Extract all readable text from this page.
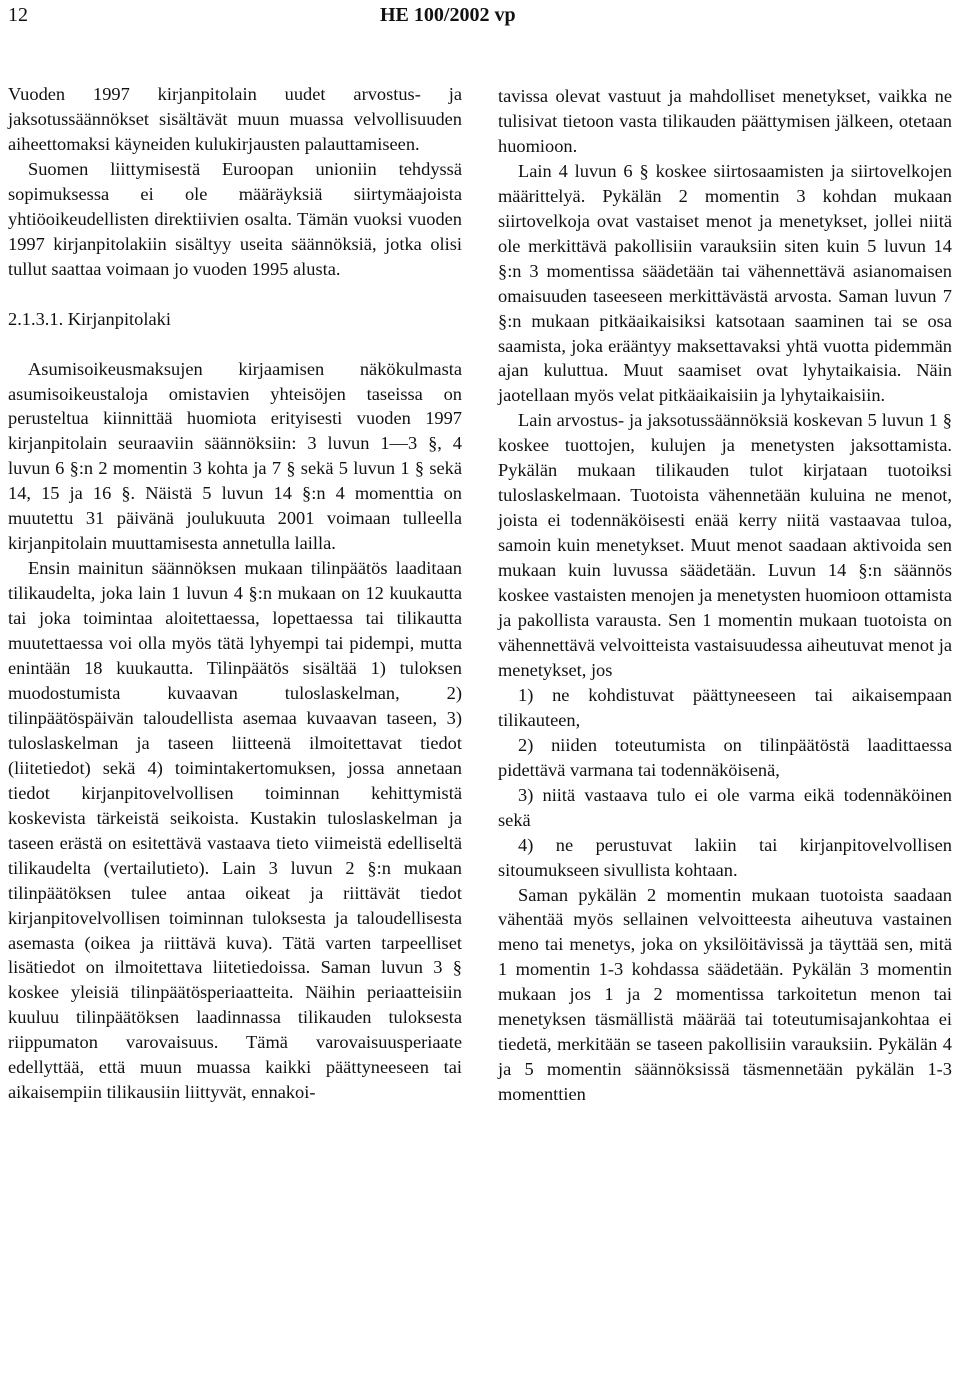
12	HE 100/2002 vp

Vuoden 1997 kirjanpitolain uudet arvostus- ja jaksotussäännökset sisältävät muun muassa velvollisuuden aiheettomaksi käyneiden kulukirjausten palauttamiseen.

Suomen liittymisestä Euroopan unioniin tehdyssä sopimuksessa ei ole määräyksiä siirtymäajoista yhtiöoikeudellisten direktiivien osalta. Tämän vuoksi vuoden 1997 kirjanpitolakiin sisältyy useita säännöksiä, jotka olisi tullut saattaa voimaan jo vuoden 1995 alusta.

2.1.3.1. Kirjanpitolaki

Asumisoikeusmaksujen kirjaamisen näkökulmasta asumisoikeustaloja omistavien yhteisöjen taseissa on perusteltua kiinnittää huomiota erityisesti vuoden 1997 kirjanpitolain seuraaviin säännöksiin: 3 luvun 1—3 §, 4 luvun 6 §:n 2 momentin 3 kohta ja 7 § sekä 5 luvun 1 § sekä 14, 15 ja 16 §. Näistä 5 luvun 14 §:n 4 momenttia on muutettu 31 päivänä joulukuuta 2001 voimaan tulleella kirjanpitolain muuttamisesta annetulla lailla.

Ensin mainitun säännöksen mukaan tilinpäätös laaditaan tilikaudelta, joka lain 1 luvun 4 §:n mukaan on 12 kuukautta tai joka toimintaa aloitettaessa, lopettaessa tai tilikautta muutettaessa voi olla myös tätä lyhyempi tai pidempi, mutta enintään 18 kuukautta. Tilinpäätös sisältää 1) tuloksen muodostumista kuvaavan tuloslaskelman, 2) tilinpäätöspäivän taloudellista asemaa kuvaavan taseen, 3) tuloslaskelman ja taseen liitteenä ilmoitettavat tiedot (liitetiedot) sekä 4) toimintakertomuksen, jossa annetaan tiedot kirjanpitovelvollisen toiminnan kehittymistä koskevista tärkeistä seikoista. Kustakin tuloslaskelman ja taseen erästä on esitettävä vastaava tieto viimeistä edelliseltä tilikaudelta (vertailutieto). Lain 3 luvun 2 §:n mukaan tilinpäätöksen tulee antaa oikeat ja riittävät tiedot kirjanpitovelvollisen toiminnan tuloksesta ja taloudellisesta asemasta (oikea ja riittävä kuva). Tätä varten tarpeelliset lisätiedot on ilmoitettava liitetiedoissa. Saman luvun 3 § koskee yleisiä tilinpäätösperiaatteita. Näihin periaatteisiin kuuluu tilinpäätöksen laadinnassa tilikauden tuloksesta riippumaton varovaisuus. Tämä varovaisuusperiaate edellyttää, että muun muassa kaikki päättyneeseen tai aikaisempiin tilikausiin liittyvät, ennakoi-

tavissa olevat vastuut ja mahdolliset menetykset, vaikka ne tulisivat tietoon vasta tilikauden päättymisen jälkeen, otetaan huomioon.

Lain 4 luvun 6 § koskee siirtosaamisten ja siirtovelkojen määrittelyä. Pykälän 2 momentin 3 kohdan mukaan siirtovelkoja ovat vastaiset menot ja menetykset, jollei niitä ole merkittävä pakollisiin varauksiin siten kuin 5 luvun 14 §:n 3 momentissa säädetään tai vähennettävä asianomaisen omaisuuden taseeseen merkittävästä arvosta. Saman luvun 7 §:n mukaan pitkäaikaisiksi katsotaan saaminen tai se osa saamista, joka erääntyy maksettavaksi yhtä vuotta pidemmän ajan kuluttua. Muut saamiset ovat lyhytaikaisia. Näin jaotellaan myös velat pitkäaikaisiin ja lyhytaikaisiin.

Lain arvostus- ja jaksotussäännöksiä koskevan 5 luvun 1 § koskee tuottojen, kulujen ja menetysten jaksottamista. Pykälän mukaan tilikauden tulot kirjataan tuotoiksi tuloslaskelmaan. Tuotoista vähennetään kuluina ne menot, joista ei todennäköisesti enää kerry niitä vastaavaa tuloa, samoin kuin menetykset. Muut menot saadaan aktivoida sen mukaan kuin luvussa säädetään. Luvun 14 §:n säännös koskee vastaisten menojen ja menetysten huomioon ottamista ja pakollista varausta. Sen 1 momentin mukaan tuotoista on vähennettävä velvoitteista vastaisuudessa aiheutuvat menot ja menetykset, jos

1) ne kohdistuvat päättyneeseen tai aikaisempaan tilikauteen,

2) niiden toteutumista on tilinpäätöstä laadittaessa pidettävä varmana tai todennäköisenä,

3) niitä vastaava tulo ei ole varma eikä todennäköinen sekä

4) ne perustuvat lakiin tai kirjanpitovelvollisen sitoumukseen sivullista kohtaan.

Saman pykälän 2 momentin mukaan tuotoista saadaan vähentää myös sellainen velvoitteesta aiheutuva vastainen meno tai menetys, joka on yksilöitävissä ja täyttää sen, mitä 1 momentin 1-3 kohdassa säädetään. Pykälän 3 momentin mukaan jos 1 ja 2 momentissa tarkoitetun menon tai menetyksen täsmällistä määrää tai toteutumisajankohtaa ei tiedetä, merkitään se taseen pakollisiin varauksiin. Pykälän 4 ja 5 momentin säännöksissä täsmennetään pykälän 1-3 momenttien
